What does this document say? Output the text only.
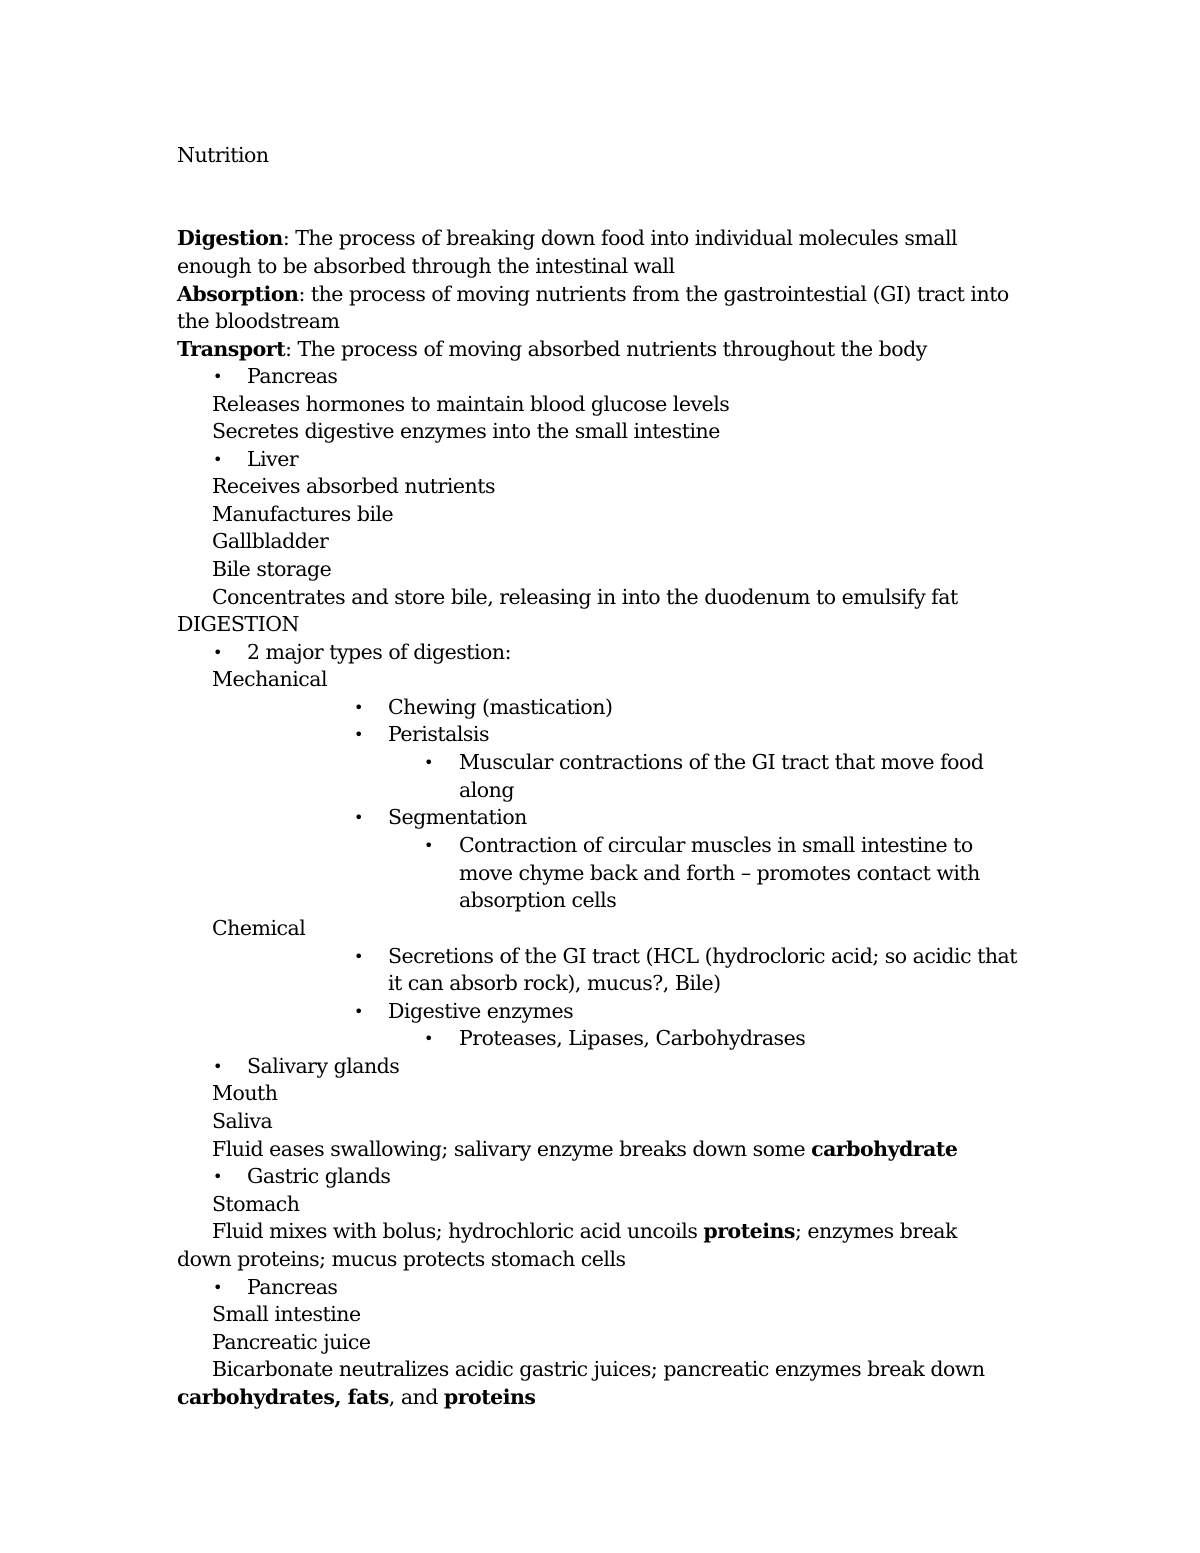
Nutrition
Digestion: The process of breaking down food into individual molecules small
enough to be absorbed through the intestinal wall
Absorption: the process of moving nutrients from the gastrointestial (GI) tract into
the bloodstream
Transport: The process of moving absorbed nutrients throughout the body
• Pancreas
Releases hormones to maintain blood glucose levels
Secretes digestive enzymes into the small intestine
• Liver
Receives absorbed nutrients
Manufactures bile
Gallbladder
Bile storage
Concentrates and store bile, releasing in into the duodenum to emulsify fat
DIGESTION
• 2 major types of digestion:
Mechanical
• Chewing (mastication)
• Peristalsis
• Muscular contractions of the GI tract that move food
along
• Segmentation
• Contraction of circular muscles in small intestine to
move chyme back and forth – promotes contact with
absorption cells
Chemical
• Secretions of the GI tract (HCL (hydrocloric acid; so acidic that
it can absorb rock), mucus?, Bile)
• Digestive enzymes
• Proteases, Lipases, Carbohydrases
• Salivary glands
Mouth
Saliva
Fluid eases swallowing; salivary enzyme breaks down some carbohydrate
• Gastric glands
Stomach
Fluid mixes with bolus; hydrochloric acid uncoils proteins; enzymes break
down proteins; mucus protects stomach cells
• Pancreas
Small intestine
Pancreatic juice
Bicarbonate neutralizes acidic gastric juices; pancreatic enzymes break down
carbohydrates, fats, and proteins
